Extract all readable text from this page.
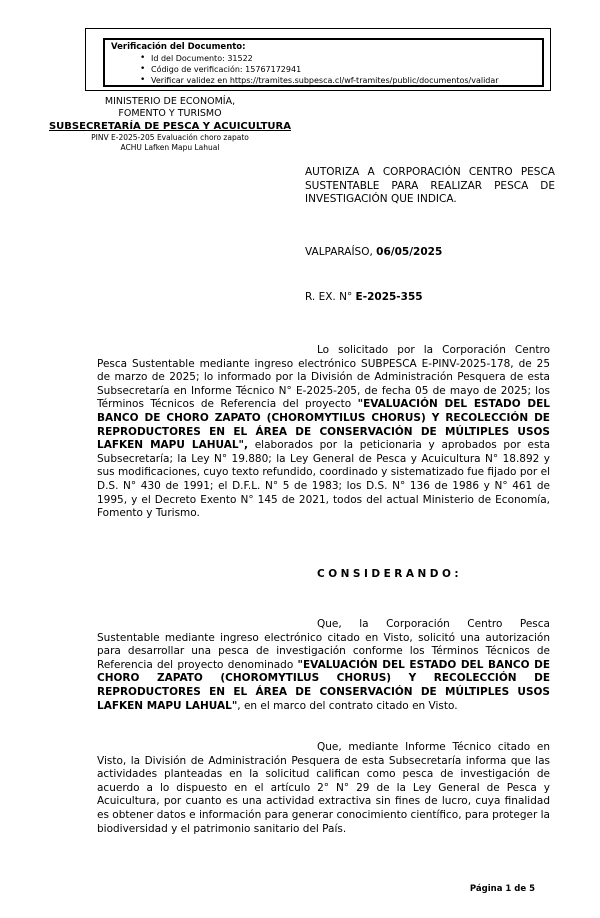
Verificación del Documento:
• Id del Documento: 31522
• Código de verificación: 15767172941
• Verificar validez en https://tramites.subpesca.cl/wf-tramites/public/documentos/validar
MINISTERIO DE ECONOMÍA,
FOMENTO Y TURISMO
SUBSECRETARÍA DE PESCA Y ACUICULTURA
PINV E-2025-205 Evaluación choro zapato
ACHU Lafken Mapu Lahual
AUTORIZA A CORPORACIÓN CENTRO PESCA SUSTENTABLE PARA REALIZAR PESCA DE INVESTIGACIÓN QUE INDICA.
VALPARAÍSO, 06/05/2025
R. EX. N° E-2025-355

Lo solicitado por la Corporación Centro Pesca Sustentable mediante ingreso electrónico SUBPESCA E-PINV-2025-178, de 25 de marzo de 2025; lo informado por la División de Administración Pesquera de esta Subsecretaría en Informe Técnico N° E-2025-205, de fecha 05 de mayo de 2025; los Términos Técnicos de Referencia del proyecto "EVALUACIÓN DEL ESTADO DEL BANCO DE CHORO ZAPATO (CHOROMYTILUS CHORUS) Y RECOLECCIÓN DE REPRODUCTORES EN EL ÁREA DE CONSERVACIÓN DE MÚLTIPLES USOS LAFKEN MAPU LAHUAL", elaborados por la peticionaria y aprobados por esta Subsecretaría; la Ley N° 19.880; la Ley General de Pesca y Acuicultura N° 18.892 y sus modificaciones, cuyo texto refundido, coordinado y sistematizado fue fijado por el D.S. N° 430 de 1991; el D.F.L. N° 5 de 1983; los D.S. N° 136 de 1986 y N° 461 de 1995, y el Decreto Exento N° 145 de 2021, todos del actual Ministerio de Economía, Fomento y Turismo.

CONSIDERANDO:

Que, la Corporación Centro Pesca Sustentable mediante ingreso electrónico citado en Visto, solicitó una autorización para desarrollar una pesca de investigación conforme los Términos Técnicos de Referencia del proyecto denominado "EVALUACIÓN DEL ESTADO DEL BANCO DE CHORO ZAPATO (CHOROMYTILUS CHORUS) Y RECOLECCIÓN DE REPRODUCTORES EN EL ÁREA DE CONSERVACIÓN DE MÚLTIPLES USOS LAFKEN MAPU LAHUAL", en el marco del contrato citado en Visto.

Que, mediante Informe Técnico citado en Visto, la División de Administración Pesquera de esta Subsecretaría informa que las actividades planteadas en la solicitud califican como pesca de investigación de acuerdo a lo dispuesto en el artículo 2° N° 29 de la Ley General de Pesca y Acuicultura, por cuanto es una actividad extractiva sin fines de lucro, cuya finalidad es obtener datos e información para generar conocimiento científico, para proteger la biodiversidad y el patrimonio sanitario del País.

Página 1 de 5
